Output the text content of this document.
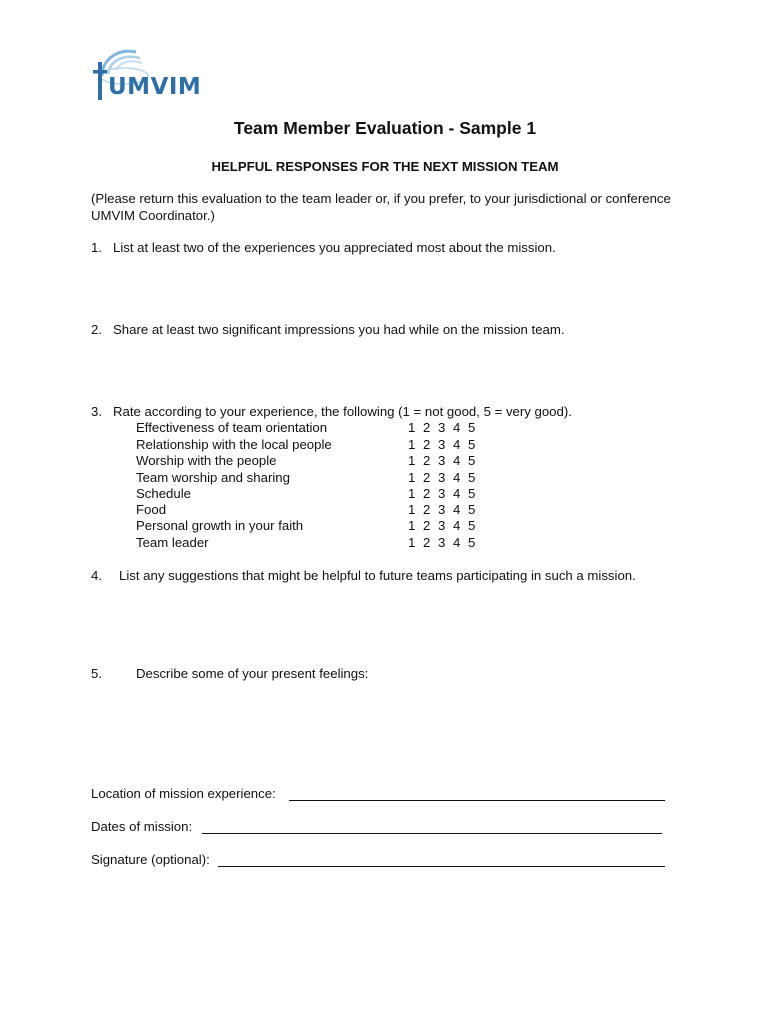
UMVIM
Team Member Evaluation - Sample 1
HELPFUL RESPONSES FOR THE NEXT MISSION TEAM
(Please return this evaluation to the team leader or, if you prefer, to your jurisdictional or conference UMVIM Coordinator.)
1. List at least two of the experiences you appreciated most about the mission.
2. Share at least two significant impressions you had while on the mission team.
3. Rate according to your experience, the following (1 = not good, 5 = very good).
Effectiveness of team orientation	1 2 3 4 5
Relationship with the local people	1 2 3 4 5
Worship with the people	1 2 3 4 5
Team worship and sharing	1 2 3 4 5
Schedule	1 2 3 4 5
Food	1 2 3 4 5
Personal growth in your faith	1 2 3 4 5
Team leader	1 2 3 4 5
4. List any suggestions that might be helpful to future teams participating in such a mission.
5.	Describe some of your present feelings:
Location of mission experience:
Dates of mission:
Signature (optional):
